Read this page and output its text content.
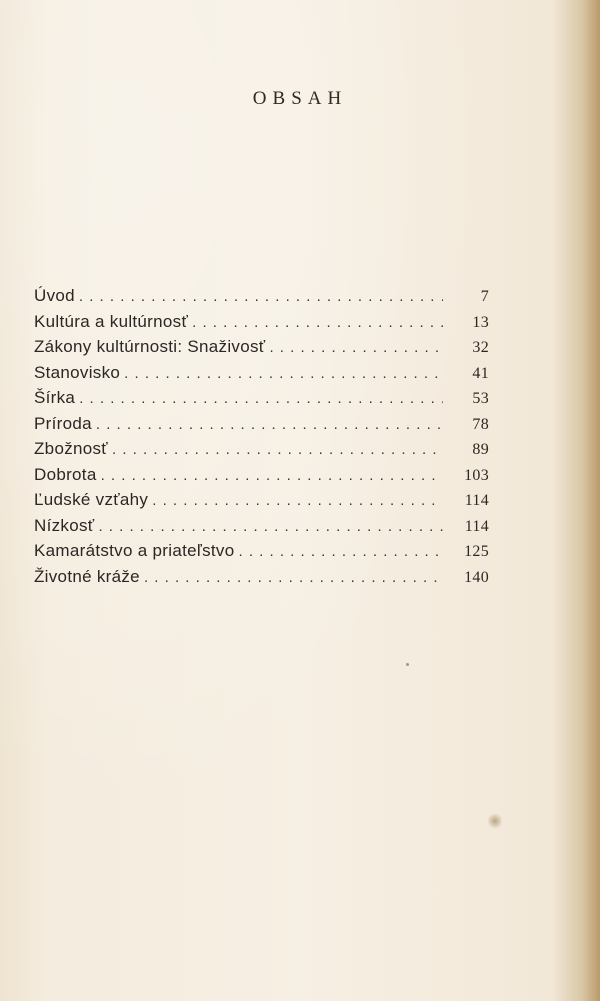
OBSAH
Úvod . . .	7
Kultúra a kultúrnosť . . .	13
Zákony kultúrnosti: Snaživosť . . .	32
Stanovisko . . .	41
Šírka . . .	53
Príroda . . .	78
Zbožnosť . . .	89
Dobrota . . .	103
Ľudské vzťahy . . .	114
Nízkosť . . .	114
Kamarátstvo a priateľstvo . . .	125
Životné kráže . . .	140
